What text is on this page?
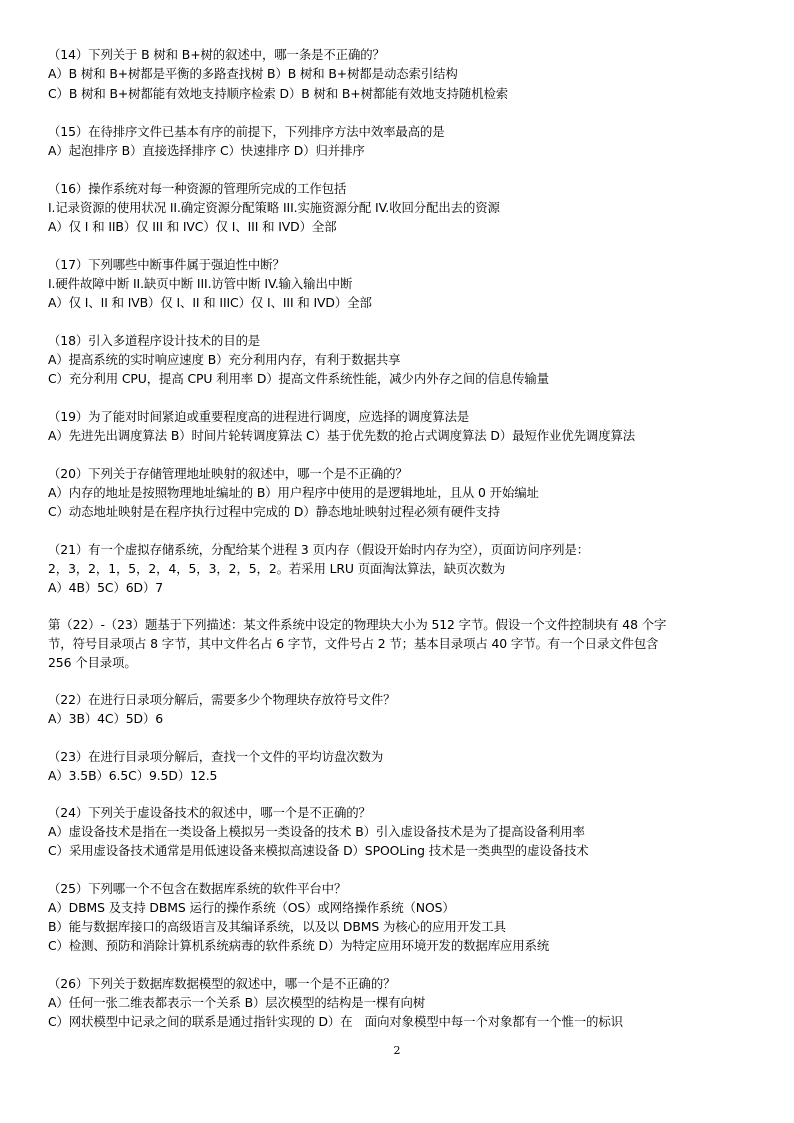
（14）下列关于 B 树和 B+树的叙述中，哪一条是不正确的？
A）B 树和 B+树都是平衡的多路查找树 B）B 树和 B+树都是动态索引结构
C）B 树和 B+树都能有效地支持顺序检索 D）B 树和 B+树都能有效地支持随机检索
（15）在待排序文件已基本有序的前提下，下列排序方法中效率最高的是
A）起泡排序 B）直接选择排序 C）快速排序 D）归并排序
（16）操作系统对每一种资源的管理所完成的工作包括
I.记录资源的使用状况 II.确定资源分配策略 III.实施资源分配 IV.收回分配出去的资源
A）仅 I 和 IIB）仅 III 和 IVC）仅 I、III 和 IVD）全部
（17）下列哪些中断事件属于强迫性中断？
I.硬件故障中断 II.缺页中断 III.访管中断 IV.输入输出中断
A）仅 I、II 和 IVB）仅 I、II 和 IIIC）仅 I、III 和 IVD）全部
（18）引入多道程序设计技术的目的是
A）提高系统的实时响应速度 B）充分利用内存，有利于数据共享
C）充分利用 CPU，提高 CPU 利用率 D）提高文件系统性能，减少内外存之间的信息传输量
（19）为了能对时间紧迫或重要程度高的进程进行调度，应选择的调度算法是
A）先进先出调度算法 B）时间片轮转调度算法 C）基于优先数的抢占式调度算法 D）最短作业优先调度算法
（20）下列关于存储管理地址映射的叙述中，哪一个是不正确的？
A）内存的地址是按照物理地址编址的 B）用户程序中使用的是逻辑地址，且从 0 开始编址
C）动态地址映射是在程序执行过程中完成的 D）静态地址映射过程必须有硬件支持
（21）有一个虚拟存储系统，分配给某个进程 3 页内存（假设开始时内存为空），页面访问序列是：
2，3，2，1，5，2，4，5，3，2，5，2。若采用 LRU 页面淘汰算法，缺页次数为
A）4B）5C）6D）7
第（22）-（23）题基于下列描述：某文件系统中设定的物理块大小为 512 字节。假设一个文件控制块有 48 个字
节，符号目录项占 8 字节，其中文件名占 6 字节，文件号占 2 节；基本目录项占 40 字节。有一个日录文件包含
256 个目录项。
（22）在进行日录项分解后，需要多少个物理块存放符号文件？
A）3B）4C）5D）6
（23）在进行目录项分解后，查找一个文件的平均访盘次数为
A）3.5B）6.5C）9.5D）12.5
（24）下列关于虚设备技术的叙述中，哪一个是不正确的？
A）虚设备技术是指在一类设备上模拟另一类设备的技术 B）引入虚设备技术是为了提高设备利用率
C）采用虚设备技术通常是用低速设备来模拟高速设备 D）SPOOLing 技术是一类典型的虚设备技术
（25）下列哪一个不包含在数据库系统的软件平台中？
A）DBMS 及支持 DBMS 运行的操作系统（OS）或网络操作系统（NOS）
B）能与数据库接口的高级语言及其编译系统，以及以 DBMS 为核心的应用开发工具
C）检测、预防和消除计算机系统病毒的软件系统 D）为特定应用环境开发的数据库应用系统
（26）下列关于数据库数据模型的叙述中，哪一个是不正确的？
A）任何一张二维表都表示一个关系 B）层次模型的结构是一棵有向树
C）网状模型中记录之间的联系是通过指针实现的 D）在　面向对象模型中每一个对象都有一个惟一的标识
2
